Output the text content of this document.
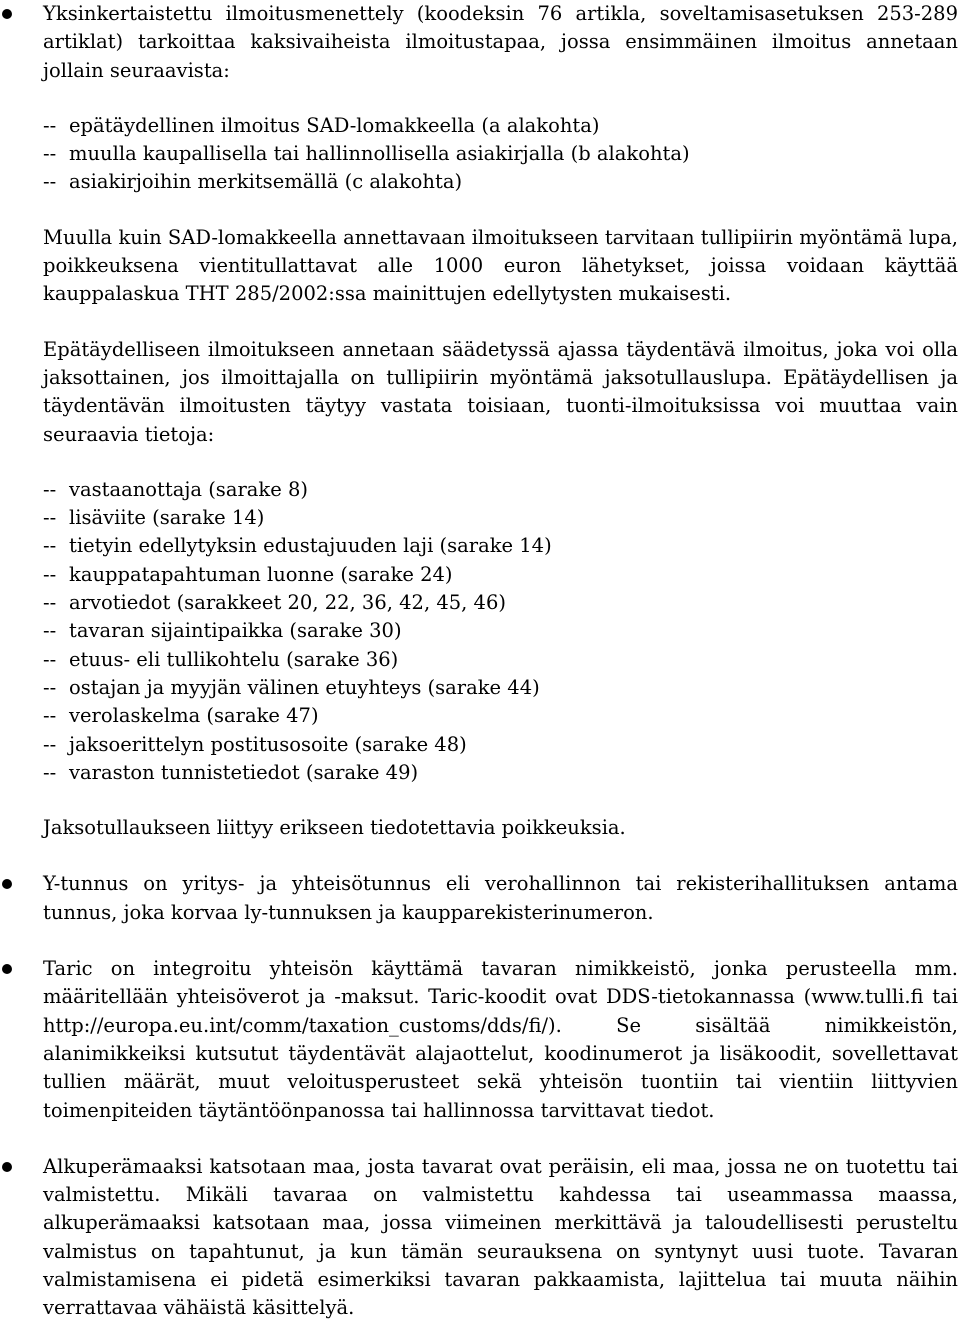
Yksinkertaistettu ilmoitusmenettely (koodeksin 76 artikla, soveltamisasetuksen 253-289 artiklat) tarkoittaa kaksivaiheista ilmoitustapaa, jossa ensimmäinen ilmoitus annetaan jollain seuraavista:

-- epätäydellinen ilmoitus SAD-lomakkeella (a alakohta)
-- muulla kaupallisella tai hallinnollisella asiakirjalla (b alakohta)
-- asiakirjoihin merkitsemällä (c alakohta)

Muulla kuin SAD-lomakkeella annettavaan ilmoitukseen tarvitaan tullipiirin myöntämä lupa, poikkeuksena vientitullattavat alle 1000 euron lähetykset, joissa voidaan käyttää kauppalaskua THT 285/2002:ssa mainittujen edellytysten mukaisesti.

Epätäydelliseen ilmoitukseen annetaan säädetyssä ajassa täydentävä ilmoitus, joka voi olla jaksottainen, jos ilmoittajalla on tullipiirin myöntämä jaksotullauslupa. Epätäydellisen ja täydentävän ilmoitusten täytyy vastata toisiaan, tuonti-ilmoituksissa voi muuttaa vain seuraavia tietoja:

-- vastaanottaja (sarake 8)
-- lisäviite (sarake 14)
-- tietyin edellytyksin edustajuuden laji (sarake 14)
-- kauppatapahtuman luonne (sarake 24)
-- arvotiedot (sarakkeet 20, 22, 36, 42, 45, 46)
-- tavaran sijaintipaikka (sarake 30)
-- etuus- eli tullikohtelu (sarake 36)
-- ostajan ja myyjän välinen etuyhteys (sarake 44)
-- verolaskelma (sarake 47)
-- jaksoerittelyn postitusosoite (sarake 48)
-- varaston tunnistetiedot (sarake 49)

Jaksotullaukseen liittyy erikseen tiedotettavia poikkeuksia.

Y-tunnus on yritys- ja yhteisötunnus eli verohallinnon tai rekisterihallituksen antama tunnus, joka korvaa ly-tunnuksen ja kaupparekisterinumeron.

Taric on integroitu yhteisön käyttämä tavaran nimikkeistö, jonka perusteella mm. määritellään yhteisöverot ja -maksut. Taric-koodit ovat DDS-tietokannassa (www.tulli.fi tai http://europa.eu.int/comm/taxation_customs/dds/fi/). Se sisältää nimikkeistön, alanimikkeiksi kutsutut täydentävät alajaottelut, koodinumerot ja lisäkoodit, sovellettavat tullien määrät, muut veloitusperusteet sekä yhteisön tuontiin tai vientiin liittyvien toimenpiteiden täytäntöönpanossa tai hallinnossa tarvittavat tiedot.

Alkuperämaaksi katsotaan maa, josta tavarat ovat peräisin, eli maa, jossa ne on tuotettu tai valmistettu. Mikäli tavaraa on valmistettu kahdessa tai useammassa maassa, alkuperämaaksi katsotaan maa, jossa viimeinen merkittävä ja taloudellisesti perusteltu valmistus on tapahtunut, ja kun tämän seurauksena on syntynyt uusi tuote. Tavaran valmistamisena ei pidetä esimerkiksi tavaran pakkaamista, lajittelua tai muuta näihin verrattavaa vähäistä käsittelyä.
